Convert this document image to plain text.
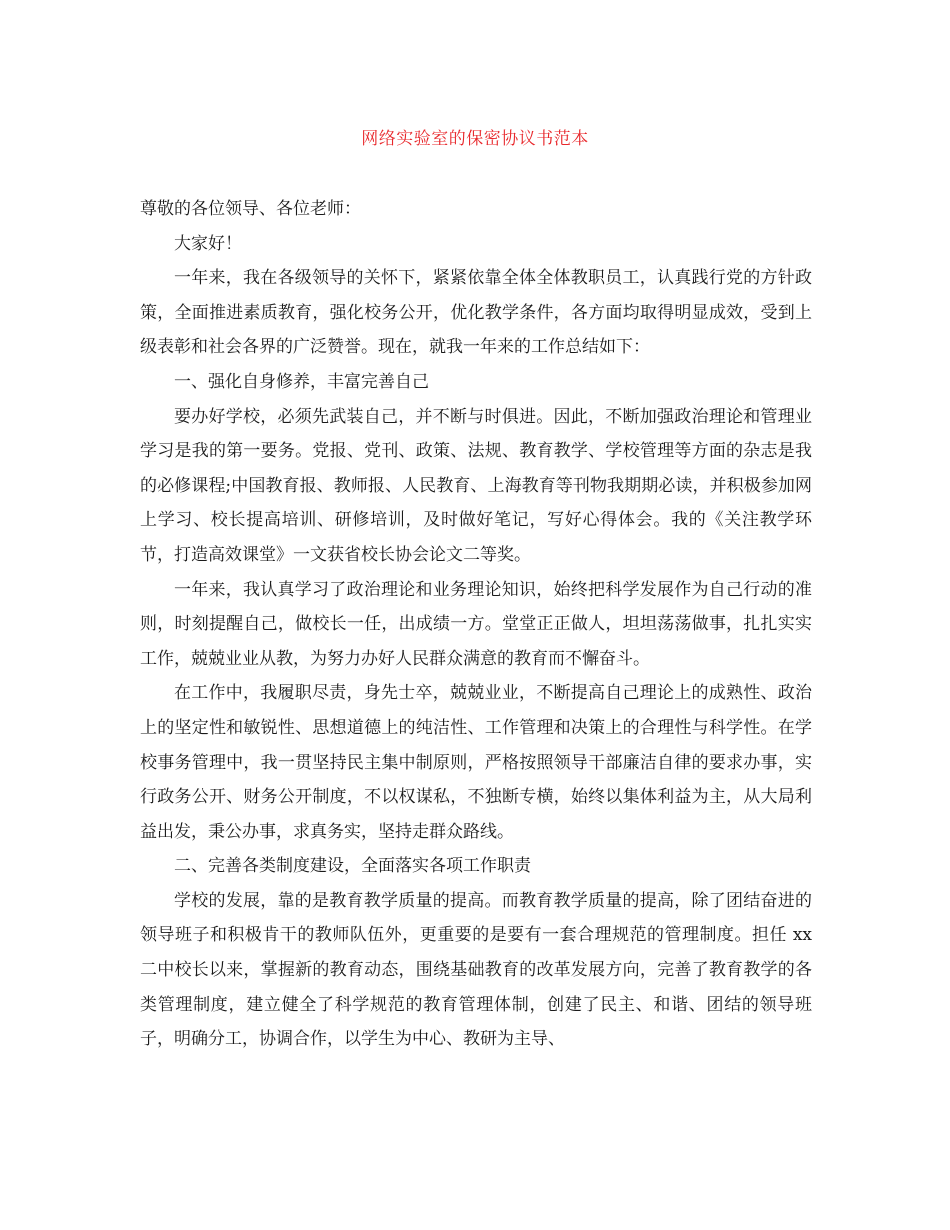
网络实验室的保密协议书范本

尊敬的各位领导、各位老师：

大家好！

一年来，我在各级领导的关怀下，紧紧依靠全体全体教职员工，认真践行党的方针政策，全面推进素质教育，强化校务公开，优化教学条件，各方面均取得明显成效，受到上级表彰和社会各界的广泛赞誉。现在，就我一年来的工作总结如下：

一、强化自身修养，丰富完善自己

要办好学校，必须先武装自己，并不断与时俱进。因此，不断加强政治理论和管理业学习是我的第一要务。党报、党刊、政策、法规、教育教学、学校管理等方面的杂志是我的必修课程;中国教育报、教师报、人民教育、上海教育等刊物我期期必读，并积极参加网上学习、校长提高培训、研修培训，及时做好笔记，写好心得体会。我的《关注教学环节，打造高效课堂》一文获省校长协会论文二等奖。

一年来，我认真学习了政治理论和业务理论知识，始终把科学发展作为自己行动的准则，时刻提醒自己，做校长一任，出成绩一方。堂堂正正做人，坦坦荡荡做事，扎扎实实工作，兢兢业业从教，为努力办好人民群众满意的教育而不懈奋斗。

在工作中，我履职尽责，身先士卒，兢兢业业，不断提高自己理论上的成熟性、政治上的坚定性和敏锐性、思想道德上的纯洁性、工作管理和决策上的合理性与科学性。在学校事务管理中，我一贯坚持民主集中制原则，严格按照领导干部廉洁自律的要求办事，实行政务公开、财务公开制度，不以权谋私，不独断专横，始终以集体利益为主，从大局利益出发，秉公办事，求真务实，坚持走群众路线。

二、完善各类制度建设，全面落实各项工作职责

学校的发展，靠的是教育教学质量的提高。而教育教学质量的提高，除了团结奋进的领导班子和积极肯干的教师队伍外，更重要的是要有一套合理规范的管理制度。担任 xx 二中校长以来，掌握新的教育动态，围绕基础教育的改革发展方向，完善了教育教学的各类管理制度，建立健全了科学规范的教育管理体制，创建了民主、和谐、团结的领导班子，明确分工，协调合作，以学生为中心、教研为主导、
